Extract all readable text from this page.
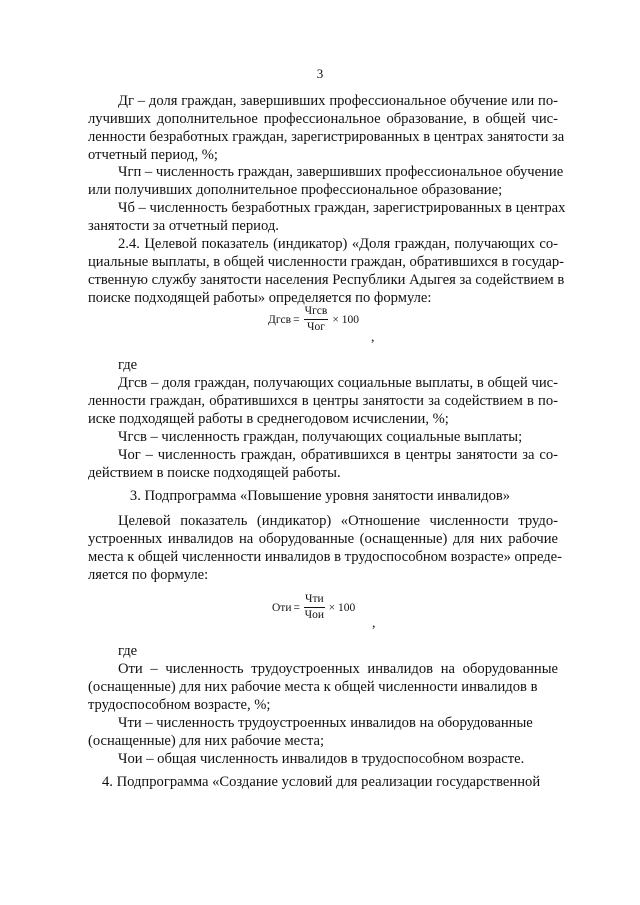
3
Дг – доля граждан, завершивших профессиональное обучение или по-
лучивших дополнительное профессиональное образование, в общей чис-
ленности безработных граждан, зарегистрированных в центрах занятости за
отчетный период, %;
Чгп – численность граждан, завершивших профессиональное обучение
или получивших дополнительное профессиональное образование;
Чб – численность безработных граждан, зарегистрированных в центрах
занятости за отчетный период.
2.4. Целевой показатель (индикатор) «Доля граждан, получающих со-
циальные выплаты, в общей численности граждан, обратившихся в государ-
ственную службу занятости населения Республики Адыгея за содействием в
поиске подходящей работы» определяется по формуле:
Дгсв = $\frac{\text{Чгсв}}{\text{Чог}} \times 100$
,
где
Дгсв – доля граждан, получающих социальные выплаты, в общей чис-
ленности граждан, обратившихся в центры занятости за содействием в по-
иске подходящей работы в среднегодовом исчислении, %;
Чгсв – численность граждан, получающих социальные выплаты;
Чог – численность граждан, обратившихся в центры занятости за со-
действием в поиске подходящей работы.
3. Подпрограмма «Повышение уровня занятости инвалидов»
Целевой показатель (индикатор) «Отношение численности трудо-
устроенных инвалидов на оборудованные (оснащенные) для них рабочие
места к общей численности инвалидов в трудоспособном возрасте» опреде-
ляется по формуле:
Оти = $\frac{\text{Чти}}{\text{Чои}} \times 100$
,
где
Оти – численность трудоустроенных инвалидов на оборудованные
(оснащенные) для них рабочие места к общей численности инвалидов в
трудоспособном возрасте, %;
Чти – численность трудоустроенных инвалидов на оборудованные
(оснащенные) для них рабочие места;
Чои – общая численность инвалидов в трудоспособном возрасте.
4. Подпрограмма «Создание условий для реализации государственной
